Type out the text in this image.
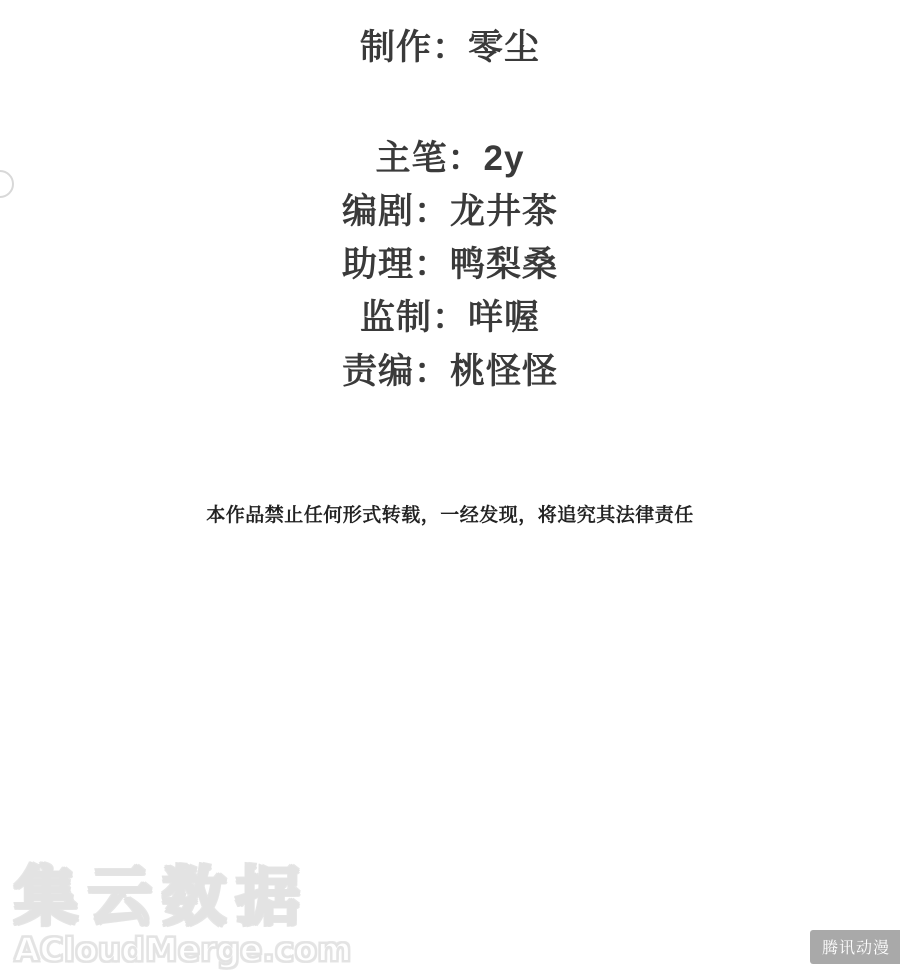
制作：零尘
主笔：2y
编剧：龙井茶
助理：鸭梨桑
监制：咩喔
责编：桃怪怪
本作品禁止任何形式转载，一经发现，将追究其法律责任
集云数据
ACloudMerge.com	腾讯动漫
